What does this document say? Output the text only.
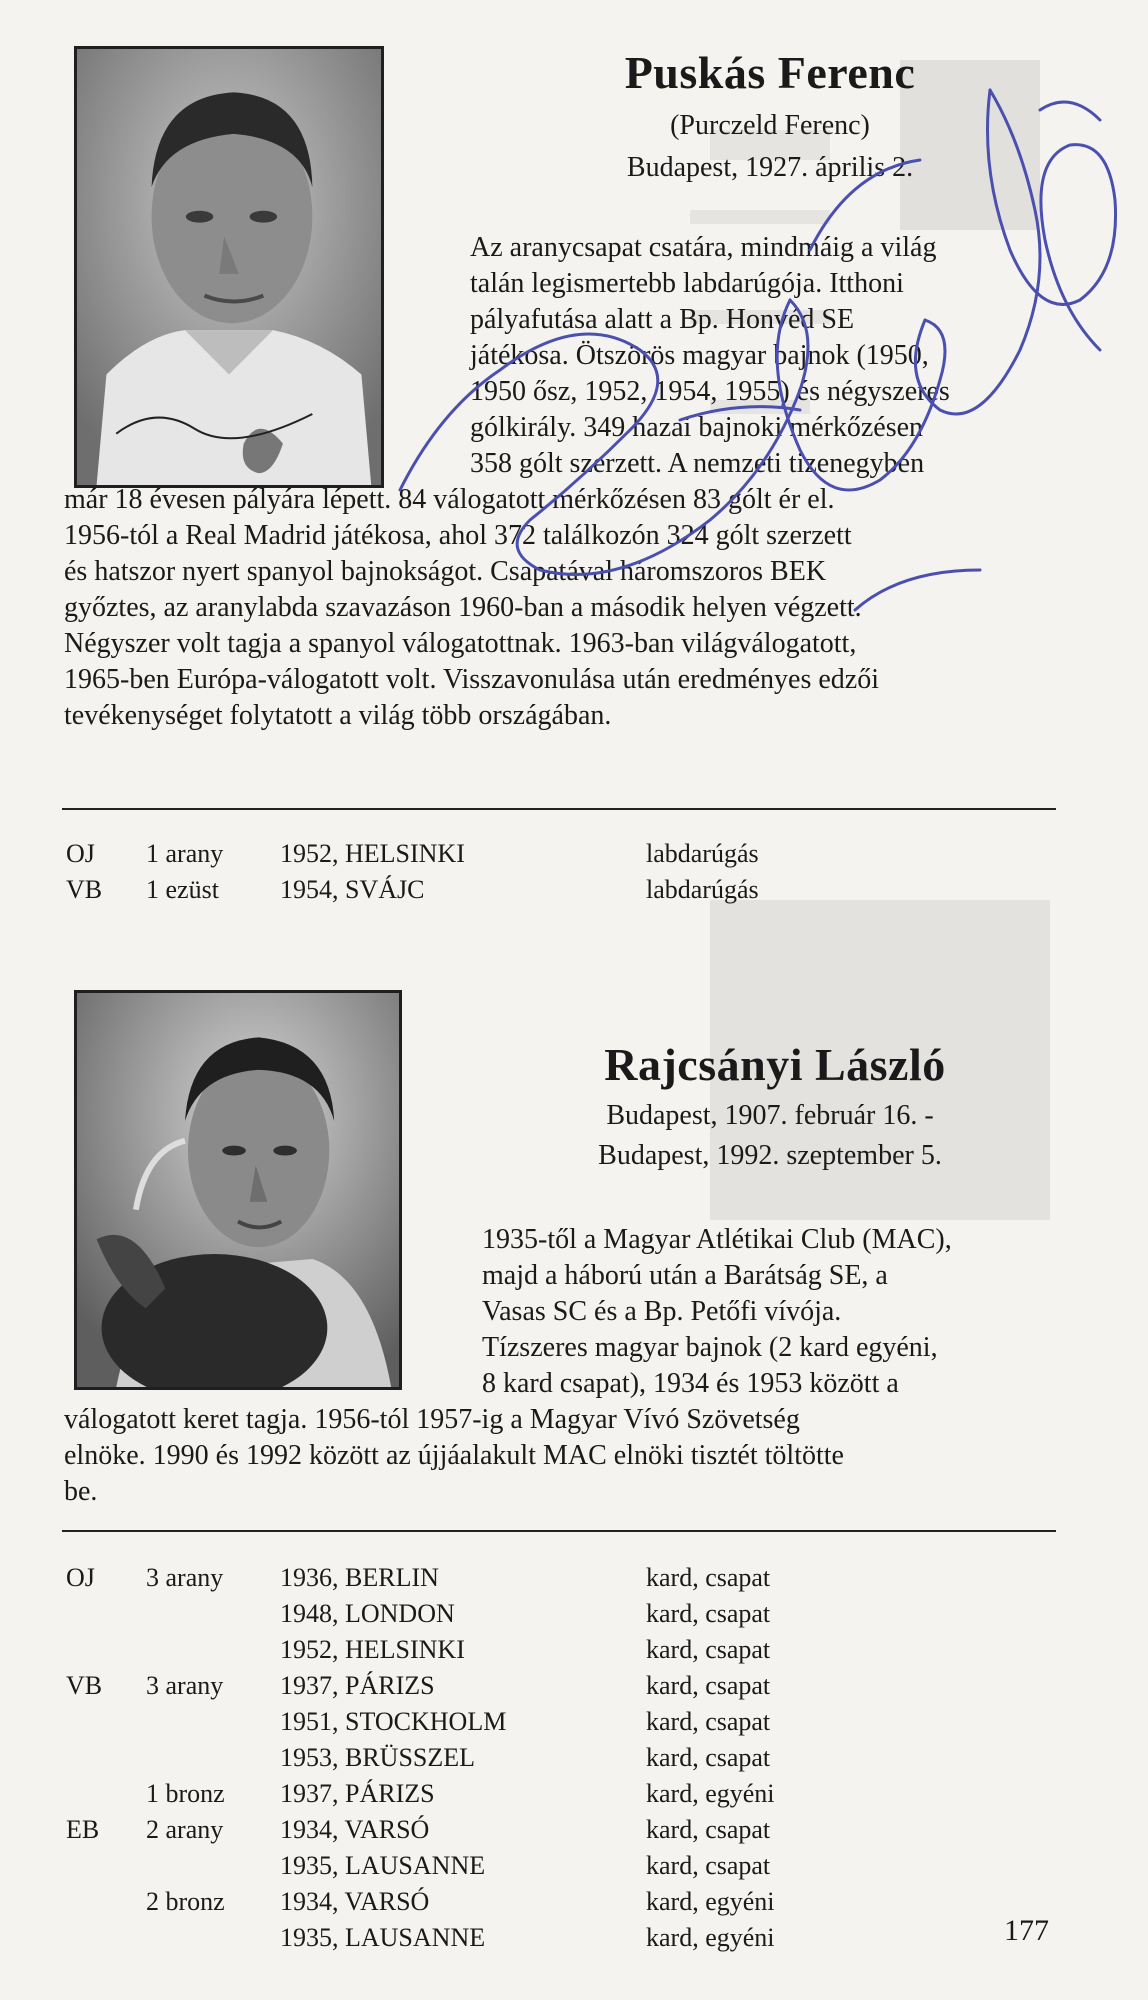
Puskás Ferenc
(Purczeld Ferenc)
Budapest, 1927. április 2.

Az aranycsapat csatára, mindmáig a világ

talán legismertebb labdarúgója. Itthoni

pályafutása alatt a Bp. Honvéd SE

játékosa. Ötszörös magyar bajnok (1950,

1950 ősz, 1952, 1954, 1955) és négyszeres

gólkirály. 349 hazai bajnoki mérkőzésen

358 gólt szerzett. A nemzeti tizenegyben

már 18 évesen pályára lépett. 84 válogatott mérkőzésen 83 gólt ér el.

1956-tól a Real Madrid játékosa, ahol 372 találkozón 324 gólt szerzett

és hatszor nyert spanyol bajnokságot. Csapatával háromszoros BEK

győztes, az aranylabda szavazáson 1960-ban a második helyen végzett.

Négyszer volt tagja a spanyol válogatottnak. 1963-ban világválogatott,

1965-ben Európa-válogatott volt. Visszavonulása után eredményes edzői

tevékenységet folytatott a világ több országában.

OJ 1 arany 1952, HELSINKI	labdarúgás
VB 1 ezüst 1954, SVÁJC	labdarúgás
Rajcsányi László
Budapest, 1907. február 16. -
Budapest, 1992. szeptember 5.

1935-től a Magyar Atlétikai Club (MAC),

majd a háború után a Barátság SE, a

Vasas SC és a Bp. Petőfi vívója.

Tízszeres magyar bajnok (2 kard egyéni,

8 kard csapat), 1934 és 1953 között a

válogatott keret tagja. 1956-tól 1957-ig a Magyar Vívó Szövetség

elnöke. 1990 és 1992 között az újjáalakult MAC elnöki tisztét töltötte

be.

OJ 3 arany 1936, BERLIN	kard, csapat
1948, LONDON	kard, csapat
1952, HELSINKI	kard, csapat
VB 3 arany 1937, PÁRIZS	kard, csapat
1951, STOCKHOLM	kard, csapat
1953, BRÜSSZEL	kard, csapat
1 bronz 1937, PÁRIZS	kard, egyéni
EB 2 arany 1934, VARSÓ	kard, csapat
1935, LAUSANNE	kard, csapat
2 bronz 1934, VARSÓ	kard, egyéni
1935, LAUSANNE	kard, egyéni	177
